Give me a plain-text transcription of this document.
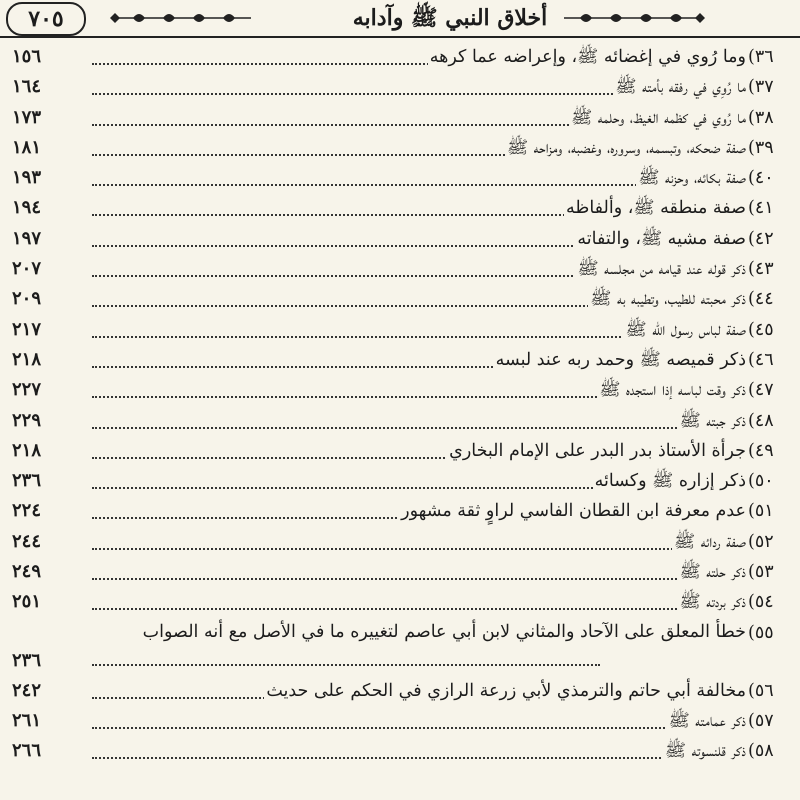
٧٠٥	أخلاق النبي ﷺ وآدابه
٣٦)
وما رُوي في إغضائه ﷺ، وإعراضه عما كرهه
١٥٦
٣٧)
ما رُوِي في رفقه بأمته ﷺ
١٦٤
٣٨)
ما رُوي في كظمه الغيظ، وحلمه ﷺ
١٧٣
٣٩)
صفة ضحكه، وتبسمه، وسروره، وغضبه، ومزاحه ﷺ
١٨١
٤٠)
صفة بكائه، وحزنه ﷺ
١٩٣
٤١)
صفة منطقه ﷺ، وألفاظه
١٩٤
٤٢)
صفة مشيه ﷺ، والتفاته
١٩٧
٤٣)
ذكر قوله عند قيامه من مجلسه ﷺ
٢٠٧
٤٤)
ذكر محبته للطيب، وتطيبه به ﷺ
٢٠٩
٤٥)
صفة لباس رسول الله ﷺ
٢١٧
٤٦)
ذكر قميصه ﷺ وحمد ربه عند لبسه
٢١٨
٤٧)
ذكر وقت لباسه إذا استجده ﷺ
٢٢٧
٤٨)
ذكر جبته ﷺ
٢٢٩
٤٩)
جرأة الأستاذ بدر البدر على الإمام البخاري
٢١٨
٥٠)
ذكر إزاره ﷺ وكسائه
٢٣٦
٥١)
عدم معرفة ابن القطان الفاسي لراوٍ ثقة مشهور
٢٢٤
٥٢)
صفة ردائه ﷺ
٢٤٤
٥٣)
ذكر حلته ﷺ
٢٤٩
٥٤)
ذكر بردته ﷺ
٢٥١
٥٥)
خطأ المعلق على الآحاد والمثاني لابن أبي عاصم لتغييره ما في الأصل مع أنه الصواب
٢٣٦
٥٦)
مخالفة أبي حاتم والترمذي لأبي زرعة الرازي في الحكم على حديث
٢٤٢
٥٧)
ذكر عمامته ﷺ
٢٦١
٥٨)
ذكر قلنسوته ﷺ
٢٦٦
